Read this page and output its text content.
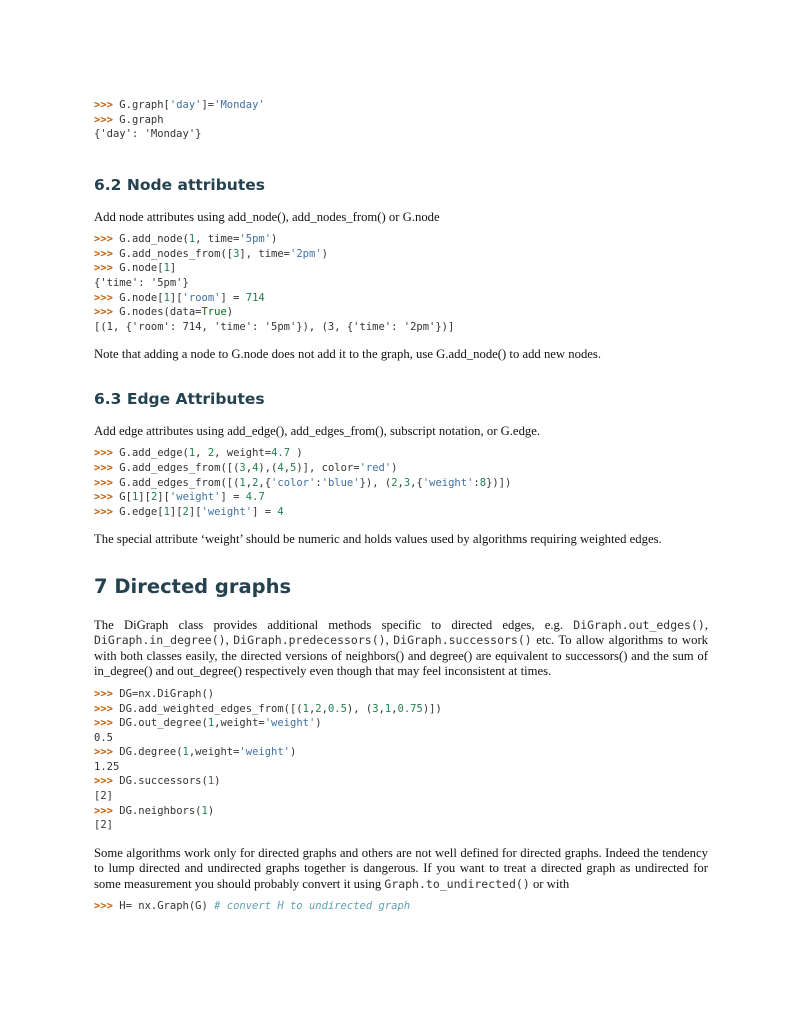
>>> G.graph['day']='Monday'
>>> G.graph
{'day': 'Monday'}
6.2 Node attributes

Add node attributes using add_node(), add_nodes_from() or G.node

>>> G.add_node(1, time='5pm')
>>> G.add_nodes_from([3], time='2pm')
>>> G.node[1]
{'time': '5pm'}
>>> G.node[1]['room'] = 714
>>> G.nodes(data=True)
[(1, {'room': 714, 'time': '5pm'}), (3, {'time': '2pm'})]

Note that adding a node to G.node does not add it to the graph, use G.add_node() to add new nodes.

6.3 Edge Attributes

Add edge attributes using add_edge(), add_edges_from(), subscript notation, or G.edge.

>>> G.add_edge(1, 2, weight=4.7 )
>>> G.add_edges_from([(3,4),(4,5)], color='red')
>>> G.add_edges_from([(1,2,{'color':'blue'}), (2,3,{'weight':8})])
>>> G[1][2]['weight'] = 4.7
>>> G.edge[1][2]['weight'] = 4

The special attribute ‘weight’ should be numeric and holds values used by algorithms requiring weighted edges.

7 Directed graphs

The DiGraph class provides additional methods specific to directed edges, e.g. DiGraph.out_edges(), DiGraph.in_degree(), DiGraph.predecessors(), DiGraph.successors() etc. To allow algorithms to work with both classes easily, the directed versions of neighbors() and degree() are equivalent to successors() and the sum of in_degree() and out_degree() respectively even though that may feel inconsistent at times.

>>> DG=nx.DiGraph()
>>> DG.add_weighted_edges_from([(1,2,0.5), (3,1,0.75)])
>>> DG.out_degree(1,weight='weight')
0.5
>>> DG.degree(1,weight='weight')
1.25
>>> DG.successors(1)
[2]
>>> DG.neighbors(1)
[2]

Some algorithms work only for directed graphs and others are not well defined for directed graphs. Indeed the tendency to lump directed and undirected graphs together is dangerous. If you want to treat a directed graph as undirected for some measurement you should probably convert it using Graph.to_undirected() or with

>>> H= nx.Graph(G) # convert H to undirected graph
